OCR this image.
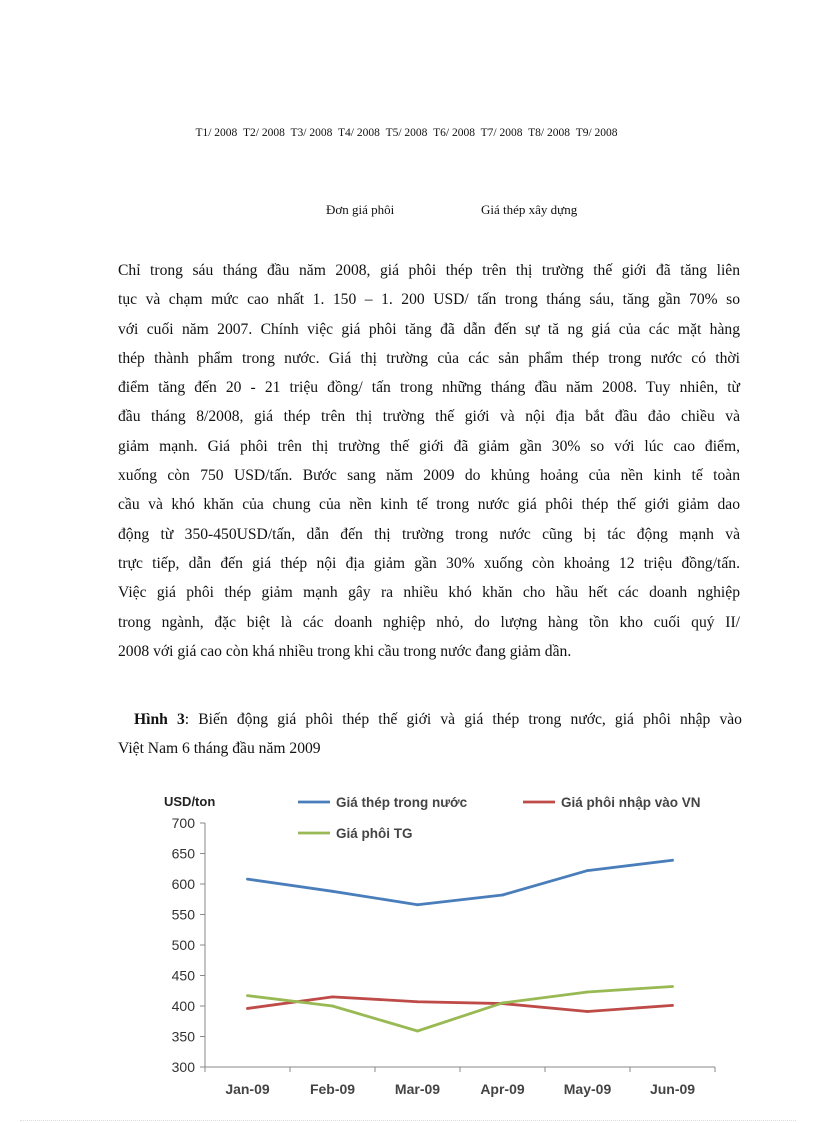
T1/ 2008 T2/ 2008 T3/ 2008 T4/ 2008 T5/ 2008 T6/ 2008 T7/ 2008 T8/ 2008 T9/ 2008
Đơn giá phôi	Giá thép xây dựng
Chỉ trong sáu tháng đầu năm 2008, giá phôi thép trên thị trường thế giới đã tăng liên
tục và chạm mức cao nhất 1. 150 – 1. 200 USD/ tấn trong tháng sáu, tăng gần 70% so
với cuối năm 2007. Chính việc giá phôi tăng đã dẫn đến sự tă ng giá của các mặt hàng
thép thành phẩm trong nước. Giá thị trường của các sản phẩm thép trong nước có thời
điểm tăng đến 20 - 21 triệu đồng/ tấn trong những tháng đầu năm 2008. Tuy nhiên, từ
đầu tháng 8/2008, giá thép trên thị trường thế giới và nội địa bắt đầu đảo chiều và
giảm mạnh. Giá phôi trên thị trường thế giới đã giảm gần 30% so với lúc cao điểm,
xuống còn 750 USD/tấn. Bước sang năm 2009 do khủng hoảng của nền kinh tế toàn
cầu và khó khăn của chung của nền kinh tế trong nước giá phôi thép thế giới giảm dao
động từ 350-450USD/tấn, dẫn đến thị trường trong nước cũng bị tác động mạnh và
trực tiếp, dẫn đến giá thép nội địa giảm gần 30% xuống còn khoảng 12 triệu đồng/tấn.
Việc giá phôi thép giảm mạnh gây ra nhiều khó khăn cho hầu hết các doanh nghiệp
trong ngành, đặc biệt là các doanh nghiệp nhỏ, do lượng hàng tồn kho cuối quý II/
2008 với giá cao còn khá nhiều trong khi cầu trong nước đang giảm dần.
Hình 3: Biến động giá phôi thép thế giới và giá thép trong nước, giá phôi nhập vào
Việt Nam 6 tháng đầu năm 2009
USD/ton
700
650
600
550
500
450
400
350
300
Jan-09	Feb-09	Mar-09	Apr-09	May-09	Jun-09
Giá thép trong nước	Giá phôi nhập vào VN
Giá phôi TG
